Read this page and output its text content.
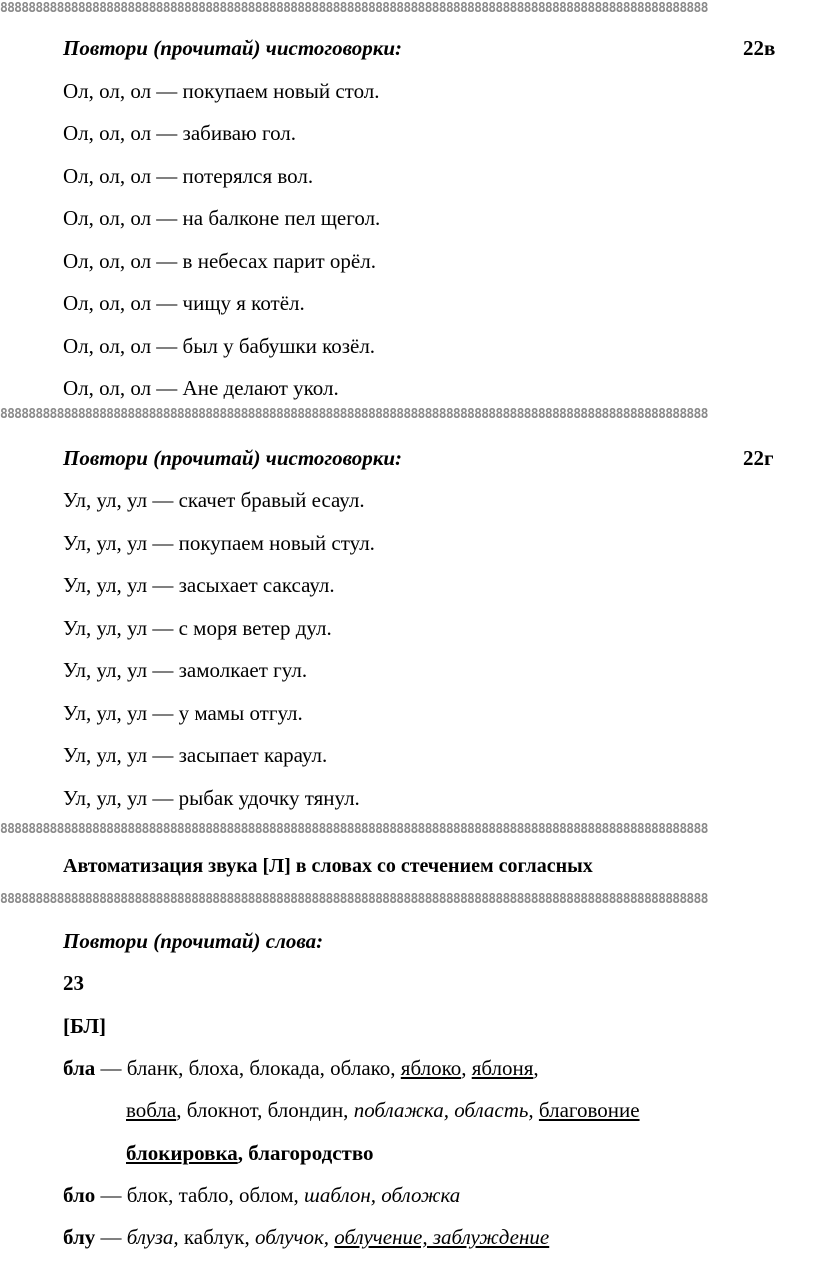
8888888888888888888888888888888888888888888888888888888888888888888888888888888888888888888888888888
Повтори (прочитай) чистоговорки:	22в
Ол, ол, ол — покупаем новый стол.
Ол, ол, ол — забиваю гол.
Ол, ол, ол — потерялся вол.
Ол, ол, ол — на балконе пел щегол.
Ол, ол, ол — в небесах парит орёл.
Ол, ол, ол — чищу я котёл.
Ол, ол, ол — был у бабушки козёл.
Ол, ол, ол — Ане делают укол.
8888888888888888888888888888888888888888888888888888888888888888888888888888888888888888888888888888
Повтори (прочитай) чистоговорки:	22г
Ул, ул, ул — скачет бравый есаул.
Ул, ул, ул — покупаем новый стул.
Ул, ул, ул — засыхает саксаул.
Ул, ул, ул — с моря ветер дул.
Ул, ул, ул — замолкает гул.
Ул, ул, ул — у мамы отгул.
Ул, ул, ул — засыпает караул.
Ул, ул, ул — рыбак удочку тянул.
8888888888888888888888888888888888888888888888888888888888888888888888888888888888888888888888888888
Автоматизация звука [Л] в словах со стечением согласных
8888888888888888888888888888888888888888888888888888888888888888888888888888888888888888888888888888
Повтори (прочитай) слова:
23
[БЛ]
бла — бланк, блоха, блокада, облако, яблоко, яблоня,
вобла, блокнот, блондин, поблажка, область, благовоние
блокировка, благородство
бло — блок, табло, облом, шаблон, обложка
блу — блуза, каблук, облучок, облучение, заблуждение
